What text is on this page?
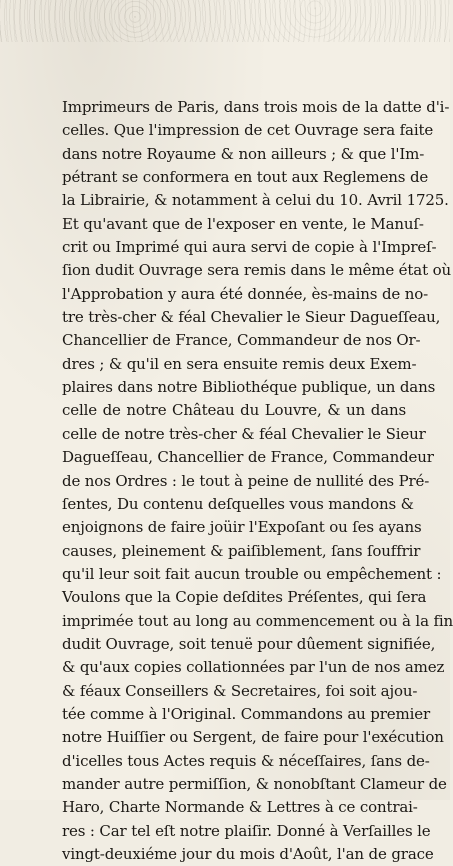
Imprimeurs de Paris, dans trois mois de la datte d'i-
celles. Que l'impression de cet Ouvrage sera faite
dans notre Royaume & non ailleurs ; & que l'Im-
pétrant se conformera en tout aux Reglemens de
la Librairie, & notamment à celui du 10. Avril 1725.
Et qu'avant que de l'exposer en vente, le Manuſ-
crit ou Imprimé qui aura servi de copie à l'Impreſ-
ſion dudit Ouvrage sera remis dans le même état où
l'Approbation y aura été donnée, ès-mains de no-
tre très-cher & féal Chevalier le Sieur Dagueſſeau,
Chancellier de France, Commandeur de nos Or-
dres ; & qu'il en sera ensuite remis deux Exem-
plaires dans notre Bibliothéque publique, un dans
celle de notre Château du Louvre, & un dans
celle de notre très-cher & féal Chevalier le Sieur
Dagueſſeau, Chancellier de France, Commandeur
de nos Ordres : le tout à peine de nullité des Pré-
ſentes, Du contenu deſquelles vous mandons &
enjoignons de faire joüir l'Expoſant ou ſes ayans
causes, pleinement & paiſiblement, ſans ſouffrir
qu'il leur soit fait aucun trouble ou empêchement :
Voulons que la Copie deſdites Préſentes, qui ſera
imprimée tout au long au commencement ou à la fin
dudit Ouvrage, soit tenuë pour dûement signifiée,
& qu'aux copies collationnées par l'un de nos amez
& féaux Conseillers & Secretaires, foi soit ajou-
tée comme à l'Original. Commandons au premier
notre Huiſſier ou Sergent, de faire pour l'exécution
d'icelles tous Actes requis & néceſſaires, ſans de-
mander autre permiſſion, & nonobſtant Clameur de
Haro, Charte Normande & Lettres à ce contrai-
res : Car tel eſt notre plaiſir. Donné à Verſailles le
vingt-deuxiéme jour du mois d'Août, l'an de grace
